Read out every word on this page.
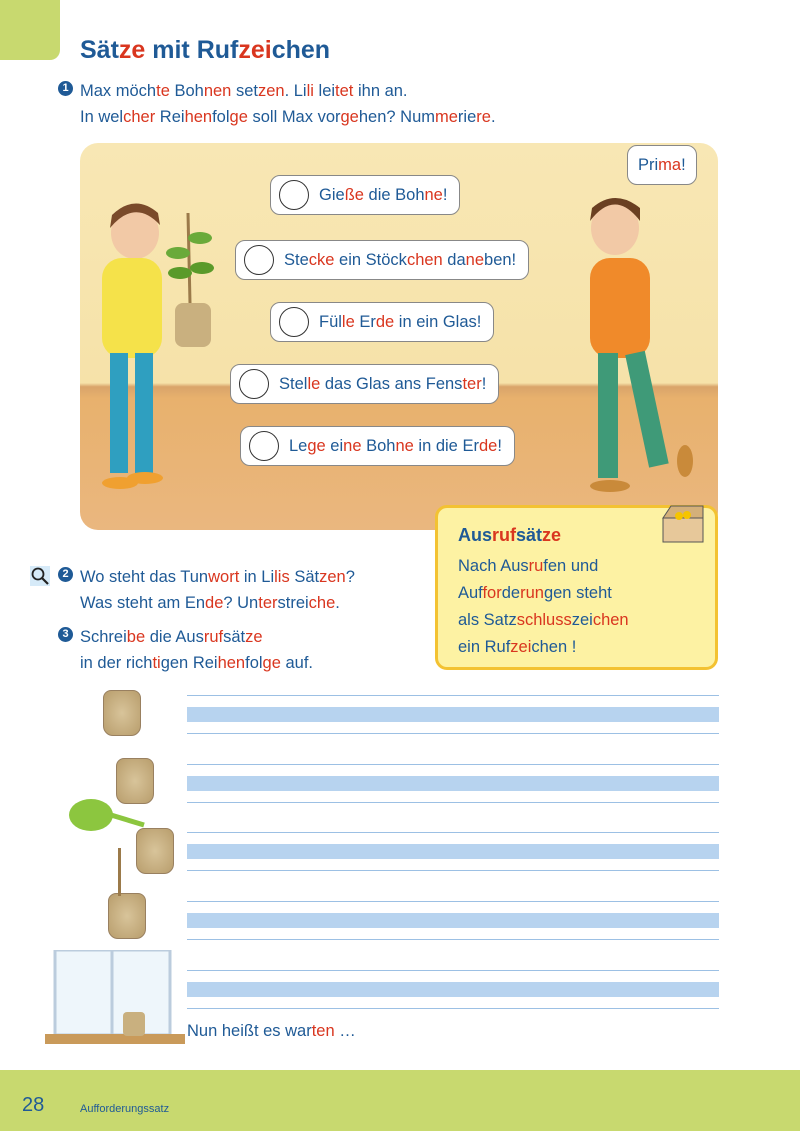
Sätze mit Rufzeichen
1 Max möchte Bohnen setzen. Lili leitet ihn an.
In welcher Reihenfolge soll Max vorgehen? Nummeriere.
Gieße die Bohne!
Stecke ein Stöckchen daneben!
Fülle Erde in ein Glas!
Stelle das Glas ans Fenster!
Lege eine Bohne in die Erde!
Prima!
Ausrufsätze
Nach Ausrufen und
Aufforderungen steht
als Satzschlusszeichen
ein Rufzeichen !
2 Wo steht das Tunwort in Lilis Sätzen?
Was steht am Ende? Unterstreiche.
3 Schreibe die Ausrufsätze
in der richtigen Reihenfolge auf.
Nun heißt es warten …
28	Aufforderungssatz
